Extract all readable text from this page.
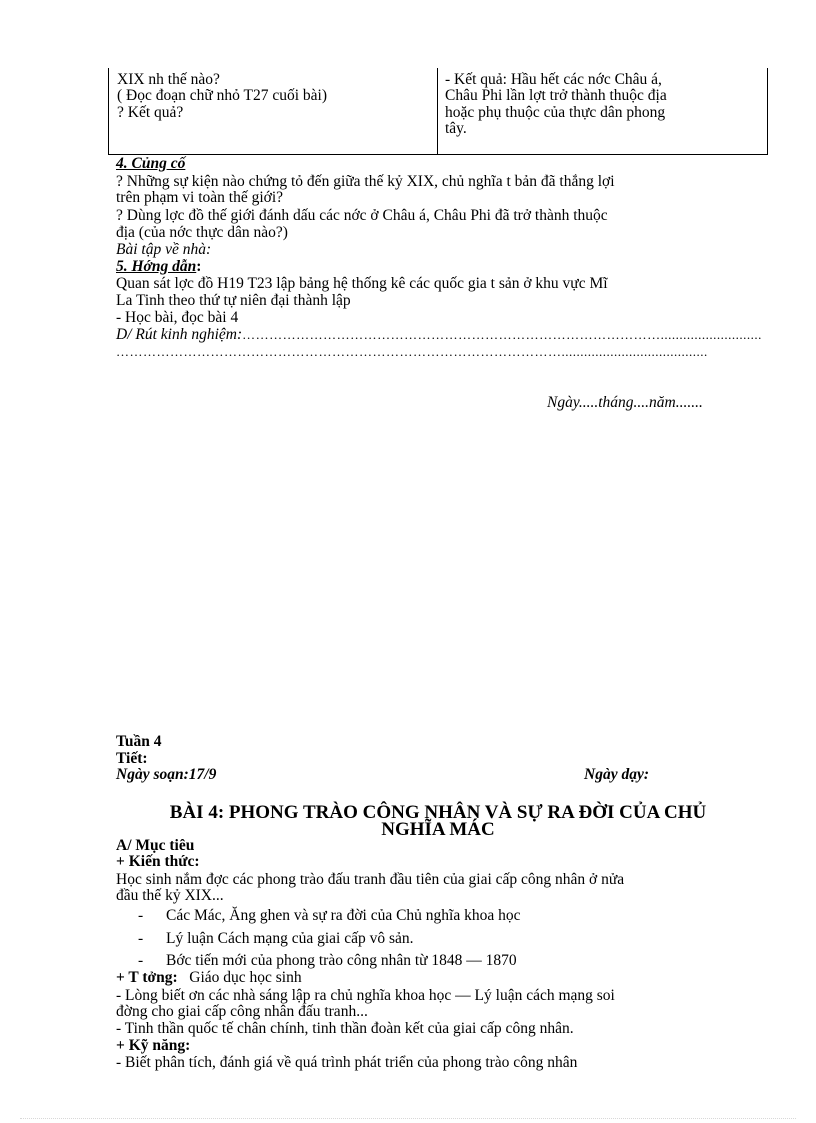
XIX nh thế nào?
( Đọc đoạn chữ nhỏ T27 cuối bài)
? Kết quả?
- Kết quả: Hầu hết các nớc Châu á,
Châu Phi lần lợt trở thành thuộc địa
hoặc phụ thuộc của thực dân phong
tây.
4. Củng cố
? Những sự kiện nào chứng tỏ đến giữa thế kỷ XIX, chủ nghĩa t bản đã thắng lợi
trên phạm vi toàn thế giới?
? Dùng lợc đồ thế giới đánh dấu các nớc ở Châu á, Châu Phi đã trở thành thuộc
địa (của nớc thực dân nào?)
Bài tập về nhà:
5. Hớng dẫn:
Quan sát lợc đồ H19 T23 lập bảng hệ thống kê các quốc gia t sản ở khu vực Mĩ
La Tinh theo thứ tự niên đại thành lập
- Học bài, đọc bài 4
D/ Rút kinh nghiệm:…………………………………………………………………………………...........................
……………………………………………………………………………………….......................................
Ngày.....tháng....năm.......
Tuần 4
Tiết:
Ngày soạn:17/9	Ngày dạy:
BÀI 4: PHONG TRÀO CÔNG NHÂN VÀ SỰ RA ĐỜI CỦA CHỦ
NGHĨA MÁC
A/ Mục tiêu
+ Kiến thức:
Học sinh nắm đợc các phong trào đấu tranh đầu tiên của giai cấp công nhân ở nửa
đầu thế kỷ XIX...
- Các Mác, Ăng ghen và sự ra đời của Chủ nghĩa khoa học
- Lý luận Cách mạng của giai cấp vô sản.
- Bớc tiến mới của phong trào công nhân từ 1848 — 1870
+ T tởng: Giáo dục học sinh
- Lòng biết ơn các nhà sáng lập ra chủ nghĩa khoa học — Lý luận cách mạng soi
đờng cho giai cấp công nhân đấu tranh...
- Tinh thần quốc tế chân chính, tinh thần đoàn kết của giai cấp công nhân.
+ Kỹ năng:
- Biết phân tích, đánh giá về quá trình phát triển của phong trào công nhân
